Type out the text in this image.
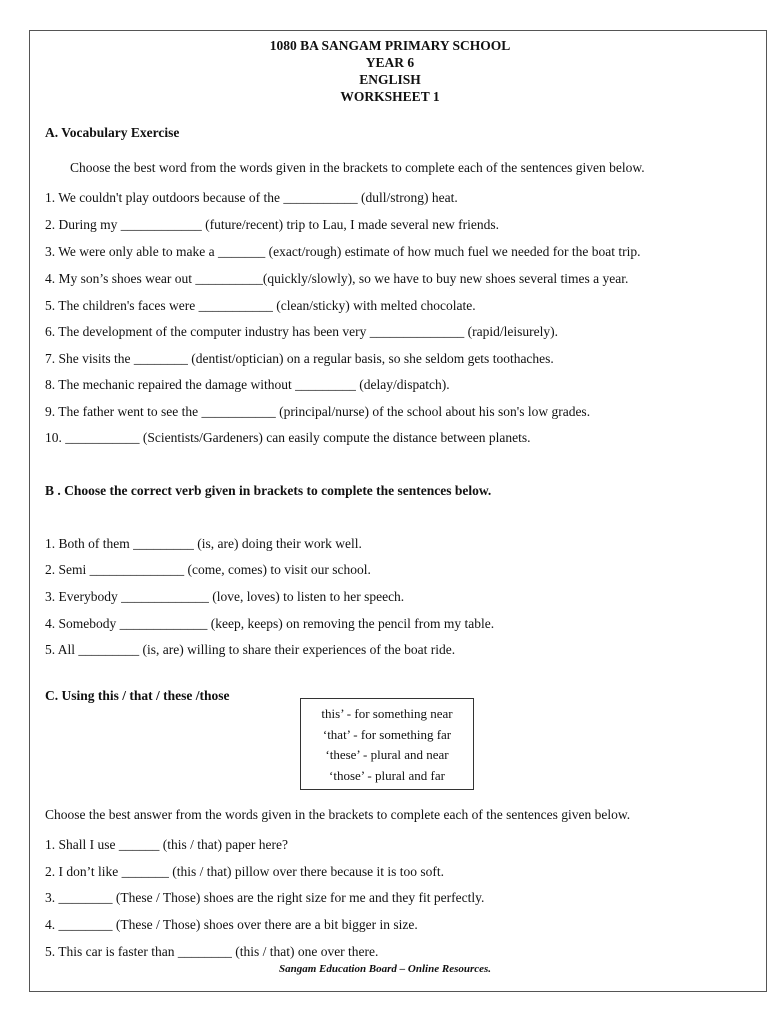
1080 BA SANGAM PRIMARY SCHOOL
YEAR 6
ENGLISH
WORKSHEET 1
A. Vocabulary Exercise
Choose the best word from the words given in the brackets to complete each of the sentences given below.
1. We couldn't play outdoors because of the ___________ (dull/strong) heat.
2. During my ____________ (future/recent) trip to Lau, I made several new friends.
3. We were only able to make a _______ (exact/rough) estimate of how much fuel we needed for the boat trip.
4. My son’s shoes wear out __________(quickly/slowly), so we have to buy new shoes several times a year.
5. The children's faces were ___________ (clean/sticky) with melted chocolate.
6. The development of the computer industry has been very ______________ (rapid/leisurely).
7. She visits the ________ (dentist/optician) on a regular basis, so she seldom gets toothaches.
8. The mechanic repaired the damage without _________ (delay/dispatch).
9. The father went to see the ___________ (principal/nurse) of the school about his son's low grades.
10. ___________ (Scientists/Gardeners) can easily compute the distance between planets.
B . Choose the correct verb given in brackets to complete the sentences below.
1. Both of them _________ (is, are) doing their work well.
2. Semi ______________ (come, comes) to visit our school.
3. Everybody _____________ (love, loves) to listen to her speech.
4. Somebody _____________ (keep, keeps) on removing the pencil from my table.
5. All _________ (is, are) willing to share their experiences of the boat ride.
C. Using this / that / these /those
this’ - for something near
‘that’ - for something far
‘these’ - plural and near
‘those’ - plural and far
Choose the best answer from the words given in the brackets to complete each of the sentences given below.
1. Shall I use ______ (this / that) paper here?
2. I don’t like _______ (this / that) pillow over there because it is too soft.
3. ________ (These / Those) shoes are the right size for me and they fit perfectly.
4. ________ (These / Those) shoes over there are a bit bigger in size.
5. This car is faster than ________ (this / that) one over there.
Sangam Education Board – Online Resources.
